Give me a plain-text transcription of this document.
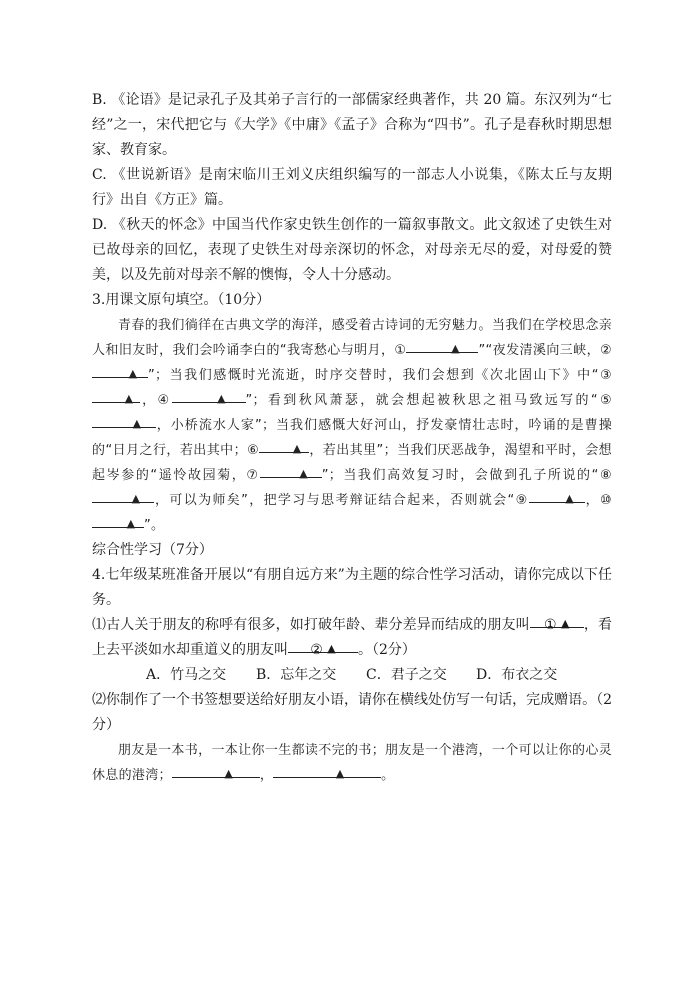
B. 《论语》是记录孔子及其弟子言行的一部儒家经典著作，共 20 篇。东汉列为“七经”之一，宋代把它与《大学》《中庸》《孟子》合称为“四书”。孔子是春秋时期思想家、教育家。

C. 《世说新语》是南宋临川王刘义庆组织编写的一部志人小说集，《陈太丘与友期行》出自《方正》篇。

D. 《秋天的怀念》中国当代作家史铁生创作的一篇叙事散文。此文叙述了史铁生对已故母亲的回忆，表现了史铁生对母亲深切的怀念，对母亲无尽的爱，对母爱的赞美，以及先前对母亲不解的懊悔，令人十分感动。

3.用课文原句填空。（10分）

青春的我们徜徉在古典文学的海洋，感受着古诗词的无穷魅力。当我们在学校思念亲人和旧友时，我们会吟诵李白的“我寄愁心与明月，①	▲ ”“夜发清溪向三峡，②▲ ”；当我们感慨时光流逝，时序交替时，我们会想到《次北固山下》中“③▲ ，④	▲ ”；看到秋风萧瑟，就会想起被秋思之祖马致远写的“⑤▲ ，小桥流水人家”；当我们感慨大好河山，抒发豪情壮志时，吟诵的是曹操的“日月之行，若出其中；⑥	▲ ，若出其里”；当我们厌恶战争，渴望和平时，会想起岑参的“遥怜故园菊，⑦	▲ ”；当我们高效复习时，会做到孔子所说的“⑧▲ ，可以为师矣”，把学习与思考辩证结合起来，否则就会“⑨	▲ ，⑩▲ ”。

综合性学习（7分）

4.七年级某班准备开展以“有朋自远方来”为主题的综合性学习活动，请你完成以下任务。

⑴古人关于朋友的称呼有很多，如打破年龄、辈分差异而结成的朋友叫 ① ▲ ，看上去平淡如水却重道义的朋友叫 ② ▲ 。（2分）

A．竹马之交	B．忘年之交	C．君子之交	D．布衣之交

⑵你制作了一个书签想要送给好朋友小语，请你在横线处仿写一句话，完成赠语。（2分）

朋友是一本书，一本让你一生都读不完的书；朋友是一个港湾，一个可以让你的心灵休息的港湾；	▲ ，	▲	。
